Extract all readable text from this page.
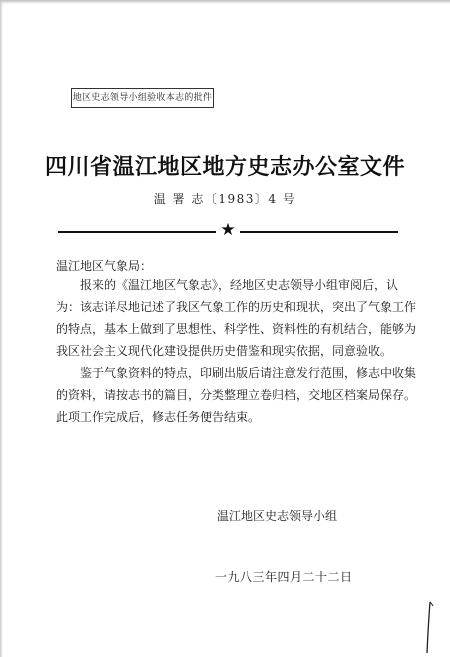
地区史志领导小组验收本志的批件
四川省温江地区地方史志办公室文件
温 署 志〔1983〕4 号
★
温江地区气象局：
报来的《温江地区气象志》，经地区史志领导小组审阅后，认
为：该志详尽地记述了我区气象工作的历史和现状，突出了气象工作
的特点，基本上做到了思想性、科学性、资料性的有机结合，能够为
我区社会主义现代化建设提供历史借鉴和现实依据，同意验收。
鉴于气象资料的特点，印刷出版后请注意发行范围，修志中收集
的资料，请按志书的篇目，分类整理立卷归档，交地区档案局保存。
此项工作完成后，修志任务便告结束。
温江地区史志领导小组
一九八三年四月二十二日
